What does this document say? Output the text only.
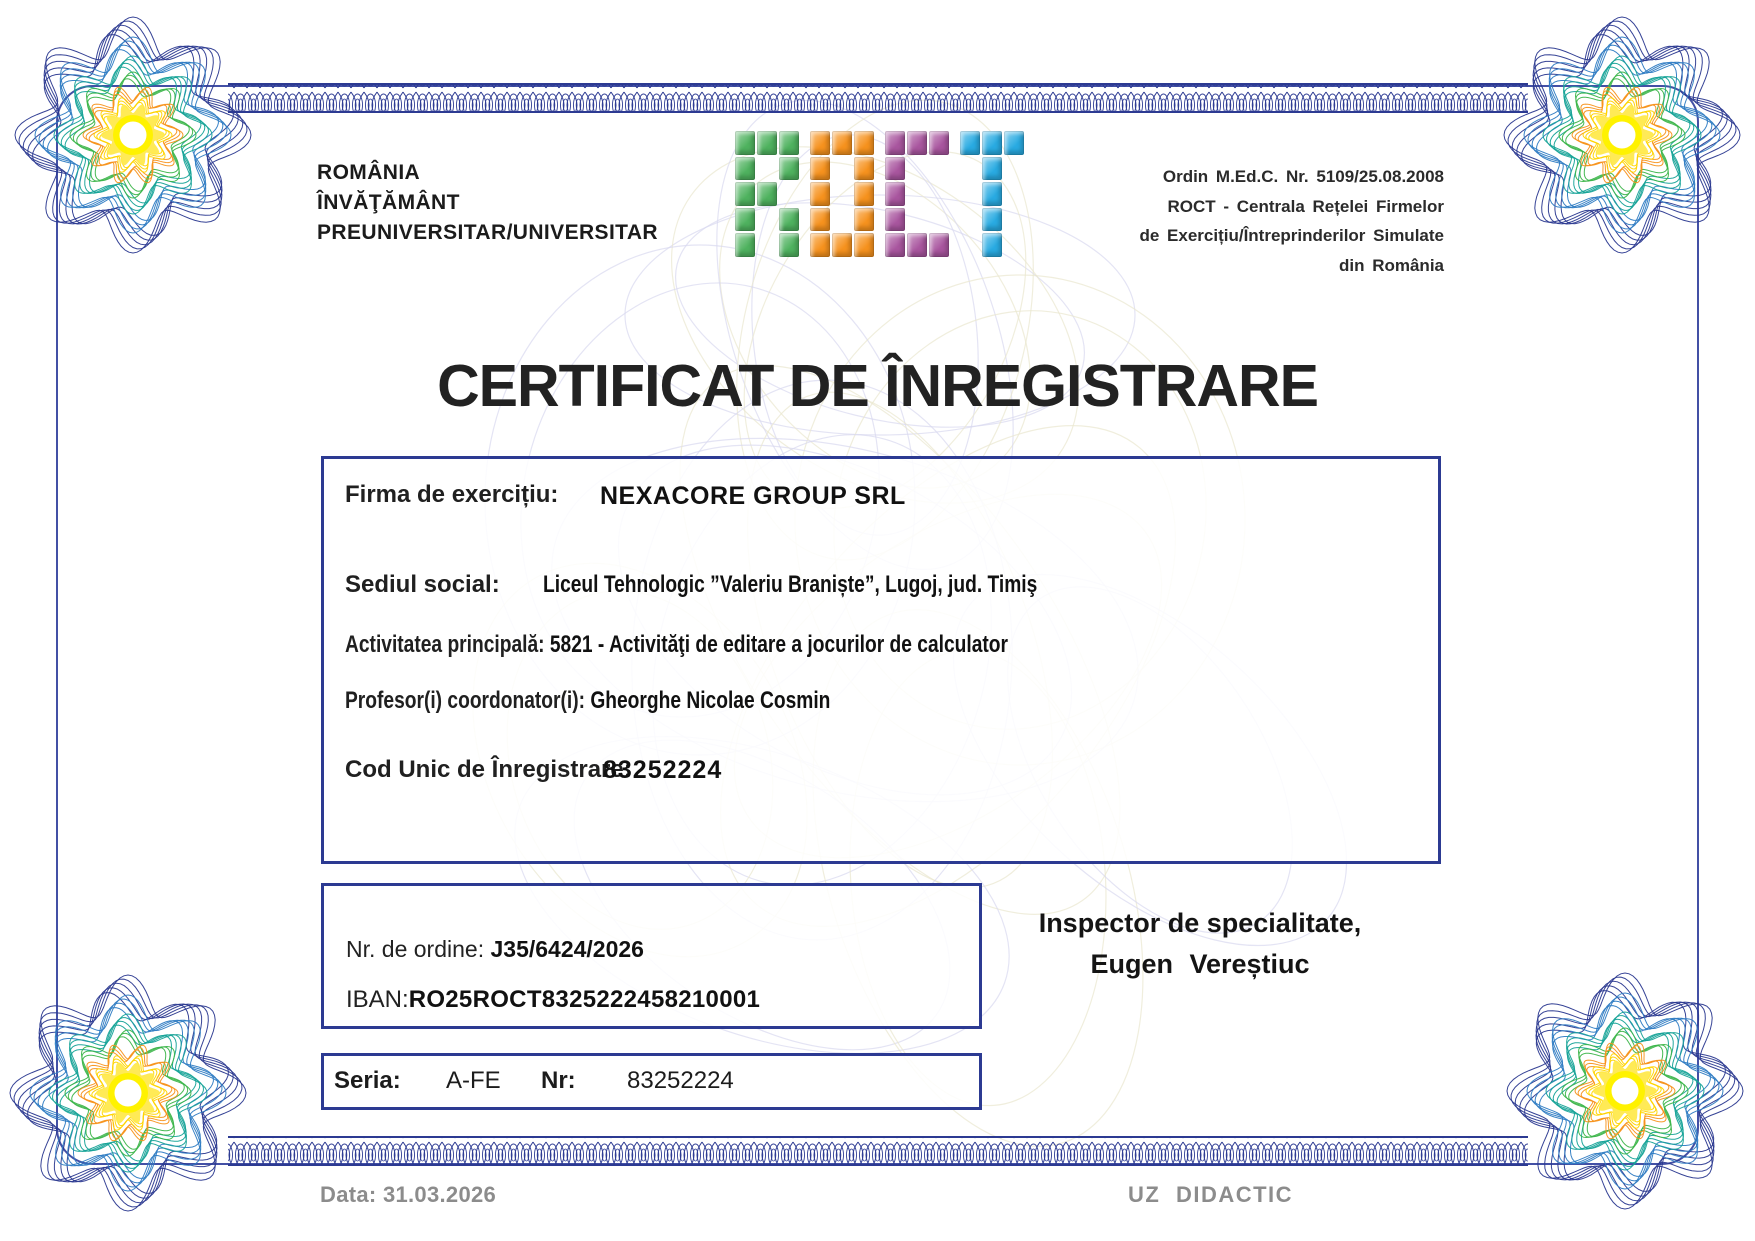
ROMÂNIA
ÎNVĂŢĂMÂNT
PREUNIVERSITAR/UNIVERSITAR
Ordin M.Ed.C. Nr. 5109/25.08.2008
ROCT - Centrala Rețelei Firmelor
de Exercițiu/Întreprinderilor Simulate
din România
CERTIFICAT DE ÎNREGISTRARE
Firma de exercițiu: NEXACORE GROUP SRL
Sediul social: Liceul Tehnologic ”Valeriu Braniște”, Lugoj, jud. Timiş
Activitatea principală: 5821 - Activităţi de editare a jocurilor de calculator
Profesor(i) coordonator(i): Gheorghe Nicolae Cosmin
Cod Unic de Înregistrare:
83252224
Nr. de ordine: J35/6424/2026
IBAN:RO25ROCT8325222458210001
Seria: A-FE Nr: 83252224
Inspector de specialitate,
Eugen Vereștiuc
Data: 31.03.2026	UZ DIDACTIC
